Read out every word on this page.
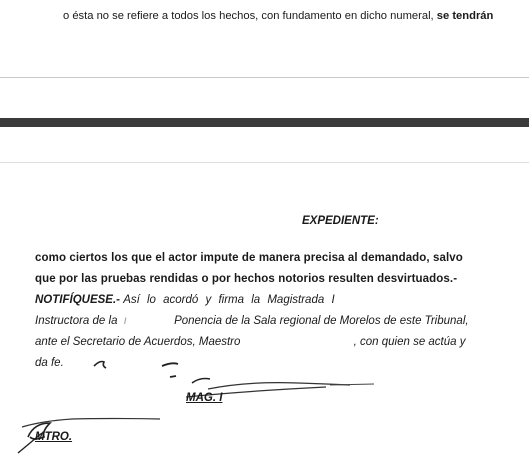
o ésta no se refiere a todos los hechos, con fundamento en dicho numeral, se tendrán
EXPEDIENTE:
como ciertos los que el actor impute de manera precisa al demandado, salvo
que por las pruebas rendidas o por hechos notorios resulten desvirtuados.-
NOTIFÍQUESE.- Así lo acordó y firma la Magistrada I
Instructora de la ı	Ponencia de la Sala regional de Morelos de este Tribunal,
ante el Secretario de Acuerdos, Maestro	, con quien se actúa y
da fe.
MAG. I
MTRO.
